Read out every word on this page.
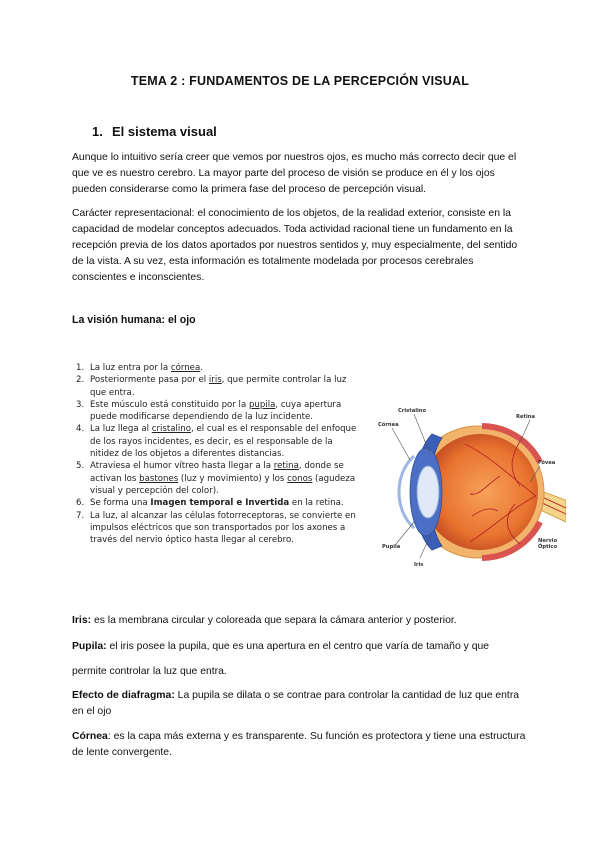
TEMA 2 : FUNDAMENTOS DE LA PERCEPCIÓN VISUAL
1. El sistema visual
Aunque lo intuitivo sería creer que vemos por nuestros ojos, es mucho más correcto decir que el que ve es nuestro cerebro. La mayor parte del proceso de visión se produce en él y los ojos pueden considerarse como la primera fase del proceso de percepción visual.
Carácter representacional: el conocimiento de los objetos, de la realidad exterior, consiste en la capacidad de modelar conceptos adecuados. Toda actividad racional tiene un fundamento en la recepción previa de los datos aportados por nuestros sentidos y, muy especialmente, del sentido de la vista. A su vez, esta información es totalmente modelada por procesos cerebrales conscientes e inconscientes.
La visión humana: el ojo
1. La luz entra por la córnea.
2. Posteriormente pasa por el iris, que permite controlar la luz que entra.
3. Este músculo está constituido por la pupila, cuya apertura puede modificarse dependiendo de la luz incidente.
4. La luz llega al cristalino, el cual es el responsable del enfoque de los rayos incidentes, es decir, es el responsable de la nitidez de los objetos a diferentes distancias.
5. Atraviesa el humor vítreo hasta llegar a la retina, donde se activan los bastones (luz y movimiento) y los conos (agudeza visual y percepción del color).
6. Se forma una Imagen temporal e Invertida en la retina.
7. La luz, al alcanzar las células fotorreceptoras, se convierte en impulsos eléctricos que son transportados por los axones a través del nervio óptico hasta llegar al cerebro.
Cristalino
Córnea
Retina
Fóvea
Nervio
Óptico
Pupila
Iris
Iris: es la membrana circular y coloreada que separa la cámara anterior y posterior.
Pupila: el iris posee la pupila, que es una apertura en el centro que varía de tamaño y que
permite controlar la luz que entra.
Efecto de diafragma: La pupila se dilata o se contrae para controlar la cantidad de luz que entra en el ojo
Córnea: es la capa más externa y es transparente. Su función es protectora y tiene una estructura de lente convergente.
